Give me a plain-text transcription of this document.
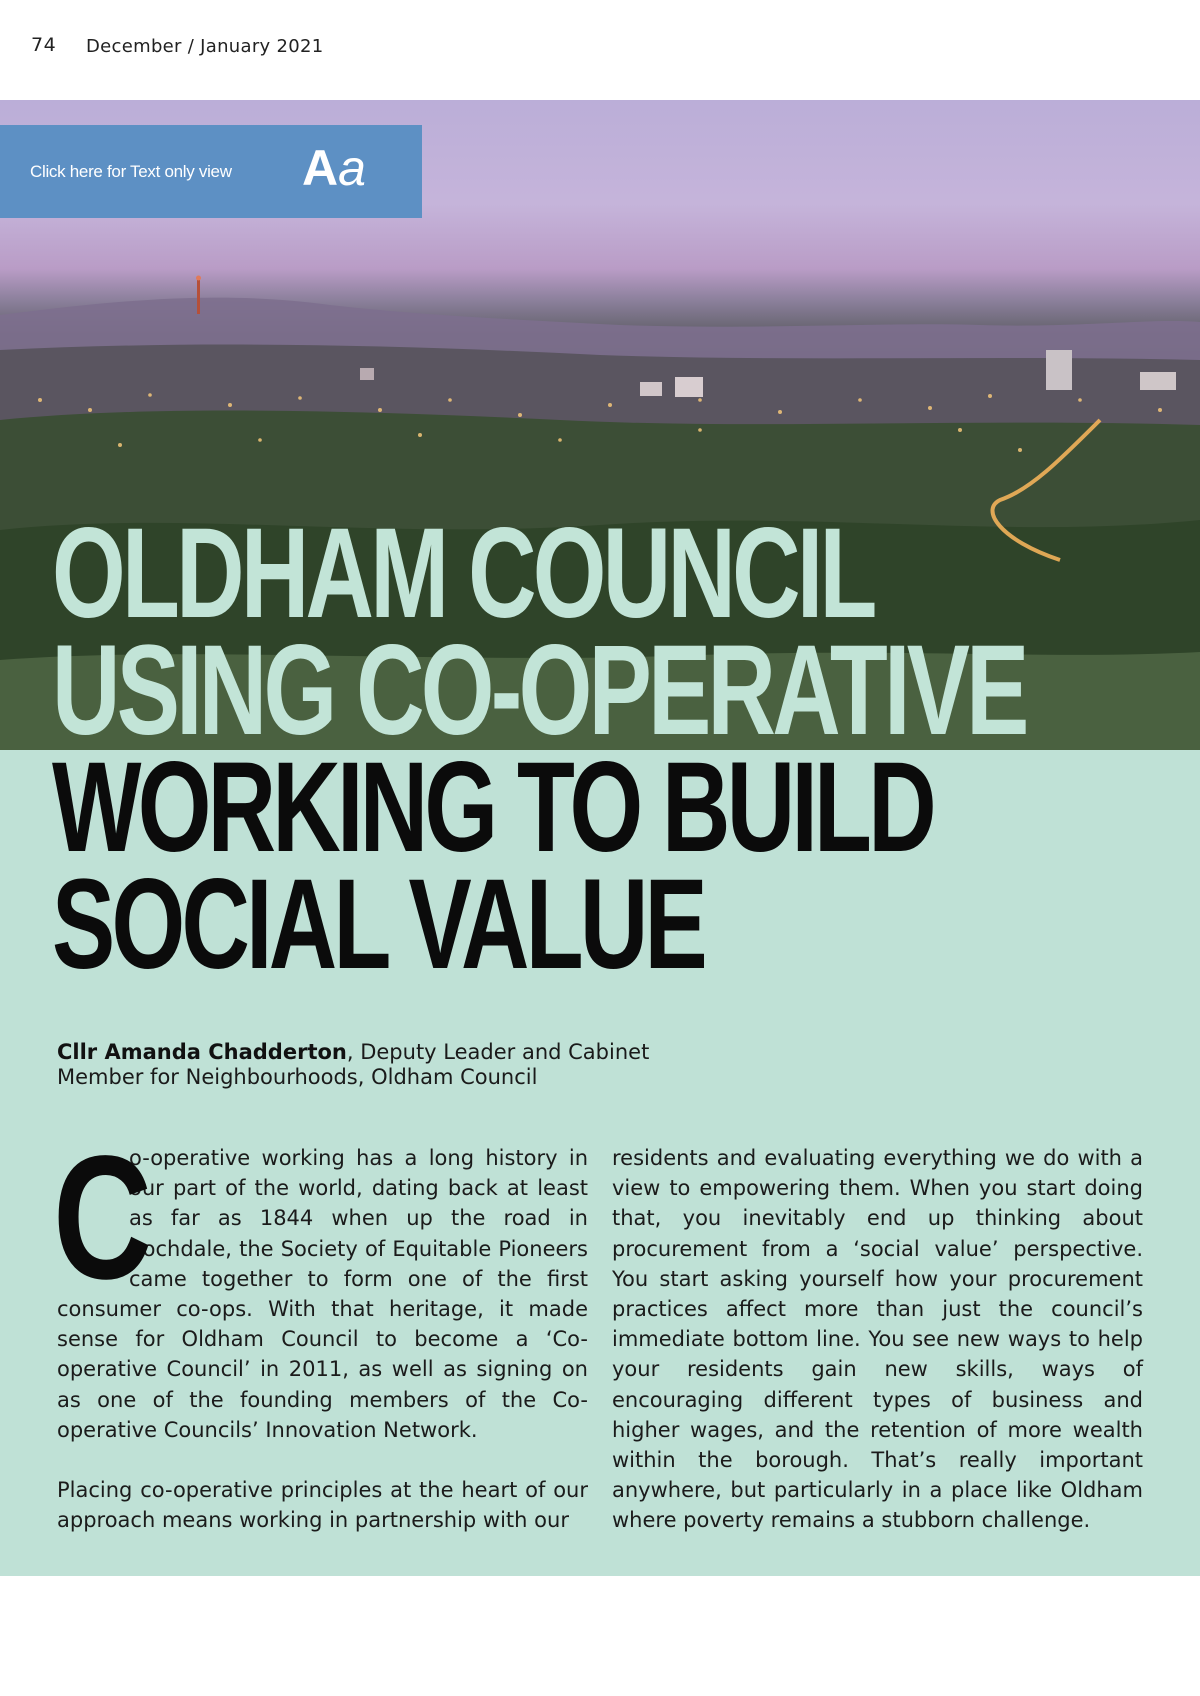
74 December / January 2021
Click here for Text only view Aa
OLDHAM COUNCIL
USING CO-OPERATIVE
WORKING TO BUILD
SOCIAL VALUE
Cllr Amanda Chadderton, Deputy Leader and Cabinet
Member for Neighbourhoods, Oldham Council

C
o-operative working has a long history in our part of the world, dating back at least as far as 1844 when up the road in Rochdale, the Society of Equitable Pioneers came together to form one of the first consumer co-ops. With that heritage, it made sense for Oldham Council to become a ‘Co-operative Council’ in 2011, as well as signing on as one of the founding members of the Co-operative Councils’ Innovation Network.

Placing co-operative principles at the heart of our approach means working in partnership with our

residents and evaluating everything we do with a view to empowering them. When you start doing that, you inevitably end up thinking about procurement from a ‘social value’ perspective. You start asking yourself how your procurement practices affect more than just the council’s immediate bottom line. You see new ways to help your residents gain new skills, ways of encouraging different types of business and higher wages, and the retention of more wealth within the borough. That’s really important anywhere, but particularly in a place like Oldham where poverty remains a stubborn challenge.
